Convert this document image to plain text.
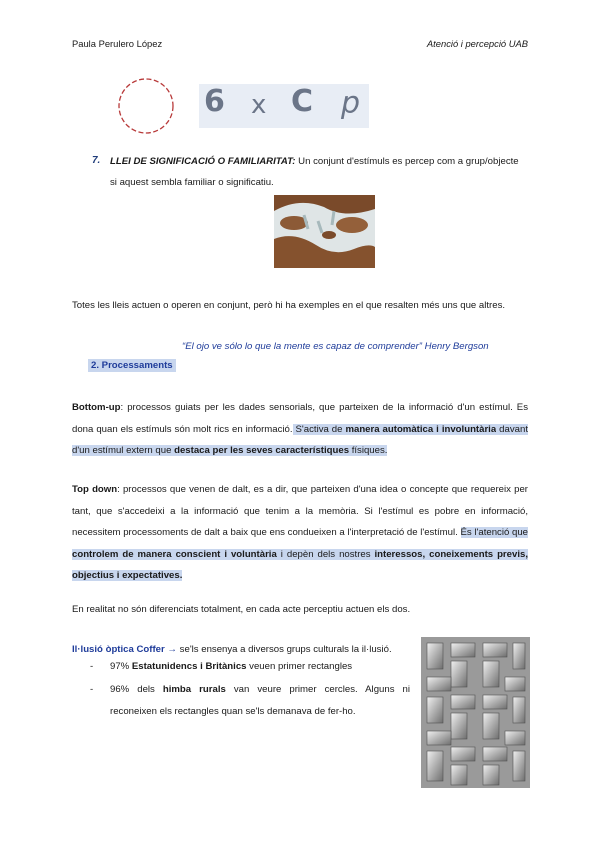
Paula Perulero López	Atenció i percepció UAB
6 x C p
7. LLEI DE SIGNIFICACIÓ O FAMILIARITAT: Un conjunt d'estímuls es percep com a grup/objecte
si aquest sembla familiar o significatiu.
Totes les lleis actuen o operen en conjunt, però hi ha exemples en el que resalten més uns que altres.
“El ojo ve sólo lo que la mente es capaz de comprender” Henry Bergson
2. Processaments
Bottom-up: processos guiats per les dades sensorials, que parteixen de la informació d'un estímul. Es dona quan els estímuls són molt rics en informació. S'activa de manera automàtica i involuntària davant d'un estímul extern que destaca per les seves característiques físiques.
Top down: processos que venen de dalt, es a dir, que parteixen d'una idea o concepte que requereix per tant, que s'accedeixi a la informació que tenim a la memòria. Si l'estímul es pobre en informació, necessitem processoments de dalt a baix que ens condueixen a l'interpretació de l'estímul. És l'atenció que controlem de manera conscient i voluntària i depèn dels nostres interessos, coneixements previs, objectius i expectatives.
En realitat no són diferenciats totalment, en cada acte perceptiu actuen els dos.
Il·lusió òptica Coffer → se'ls ensenya a diversos grups culturals la il·lusió.
- 97% Estatunidencs i Britànics veuen primer rectangles
- 96% dels himba rurals van veure primer cercles. Alguns ni
reconeixen els rectangles quan se'ls demanava de fer-ho.
